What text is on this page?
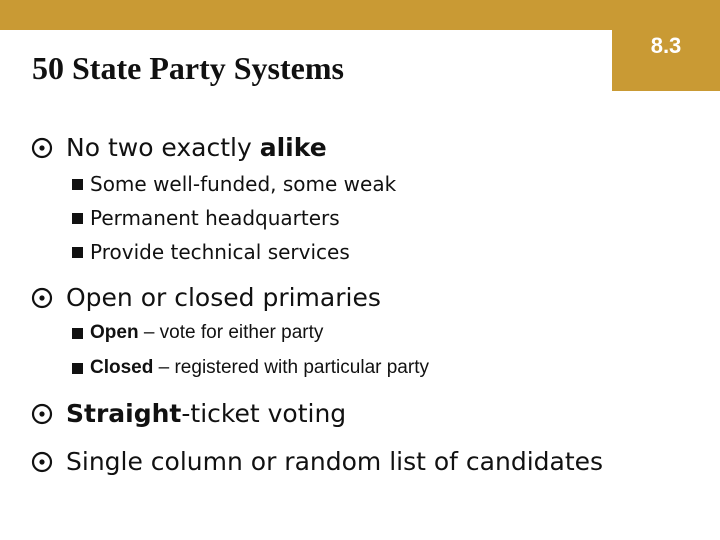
8.3
50 State Party Systems
No two exactly alike
Some well-funded, some weak
Permanent headquarters
Provide technical services
Open or closed primaries
Open – vote for either party
Closed – registered with particular party
Straight-ticket voting
Single column or random list of candidates
